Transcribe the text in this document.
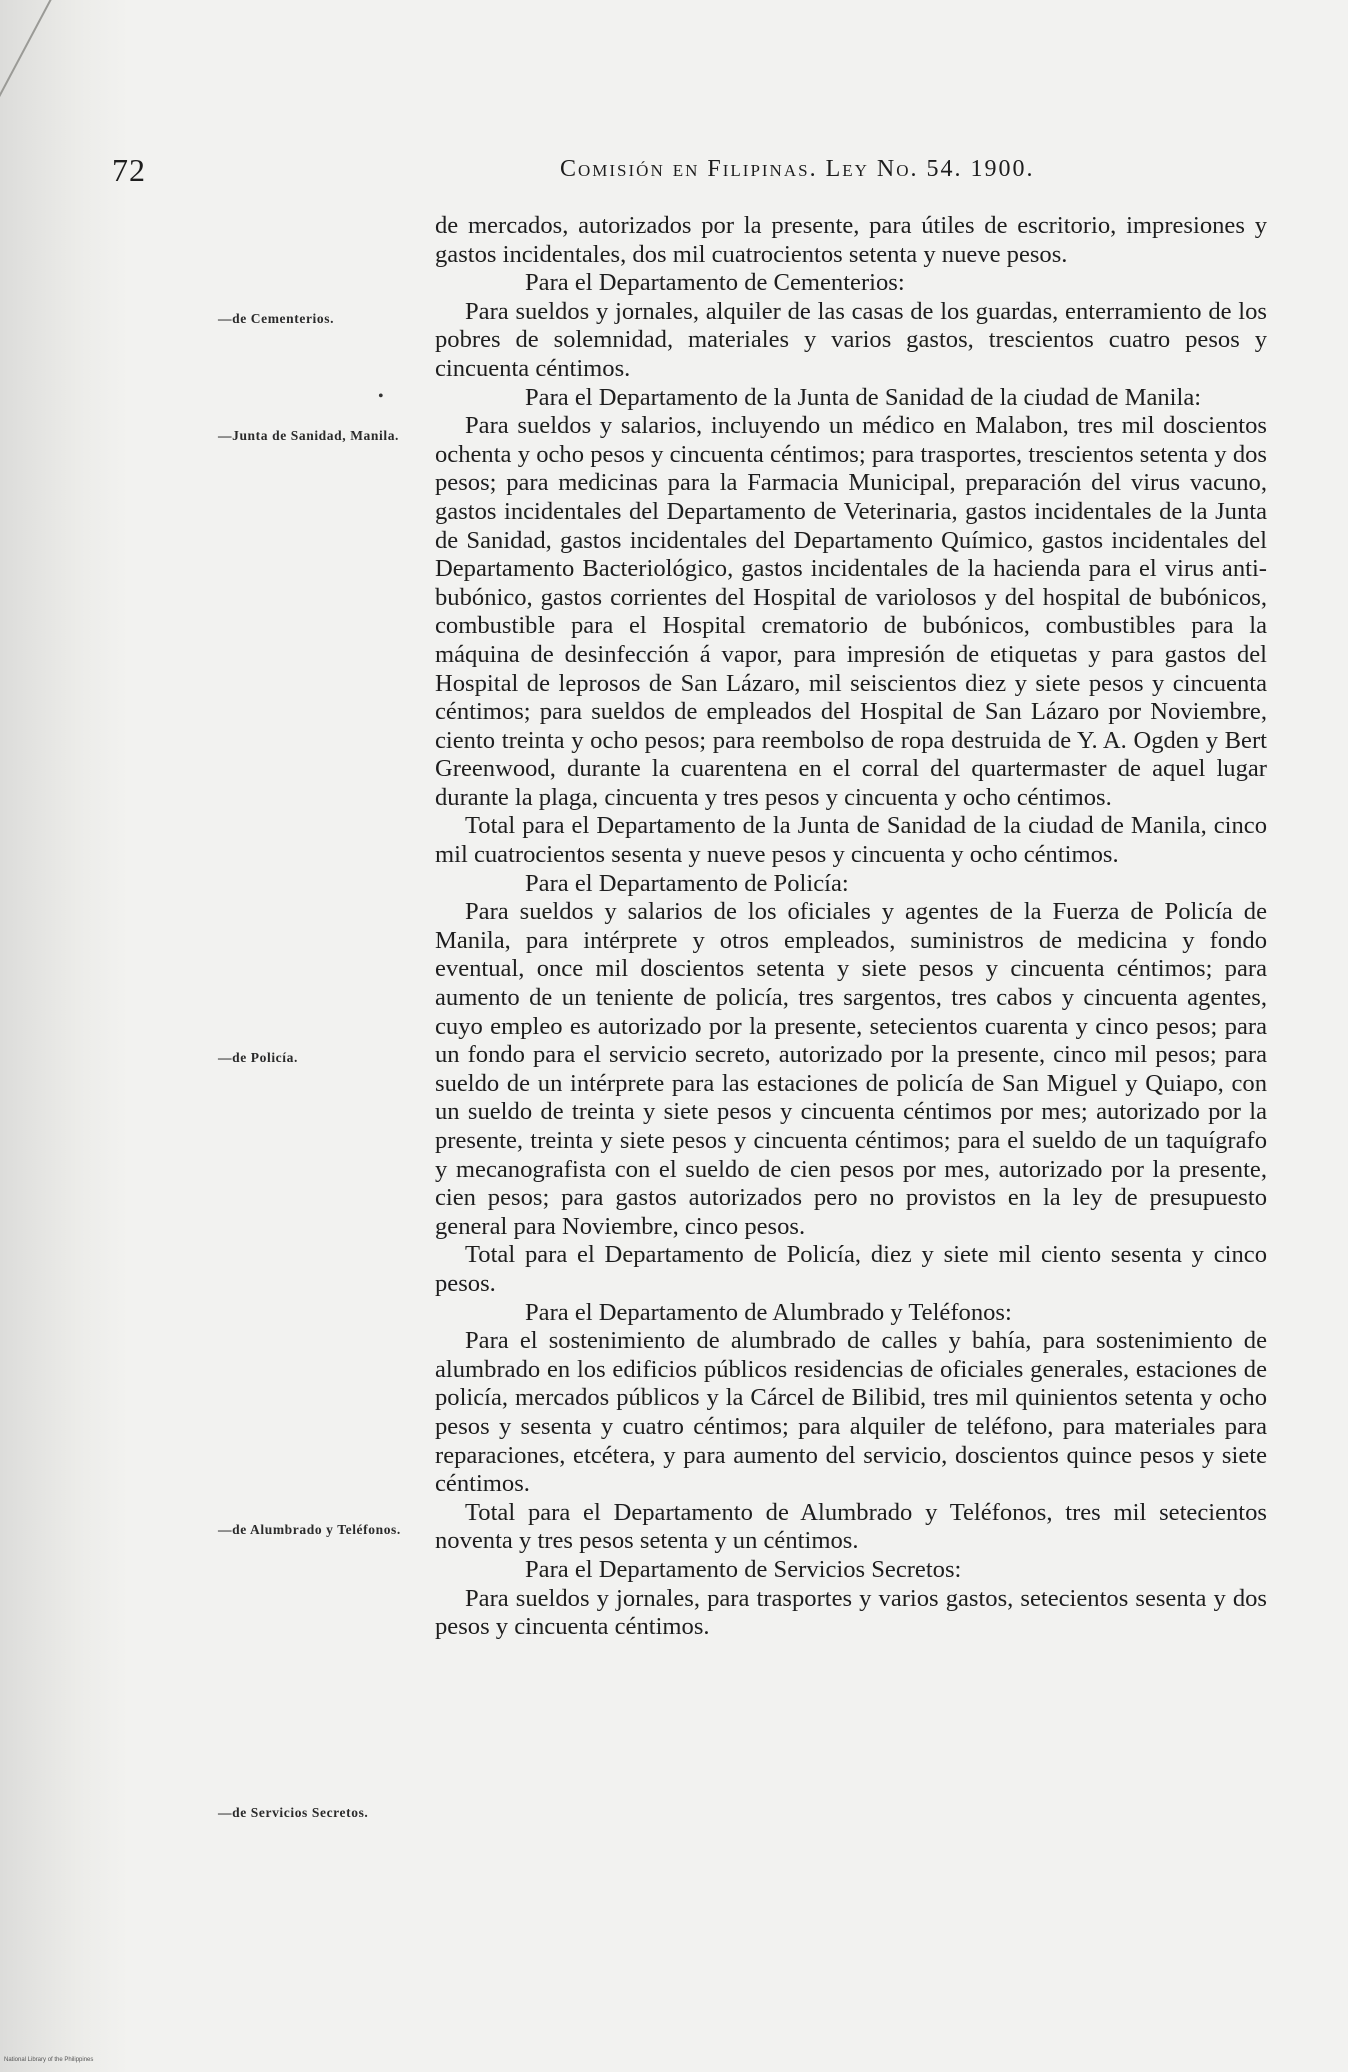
72	Comisión en Filipinas. Ley No. 54. 1900.
—de Cementerios.
•
—Junta de Sanidad, Manila.
—de Policía.
—de Alumbrado y Teléfonos.
—de Servicios Secretos.

de mercados, autorizados por la presente, para útiles de escritorio, impresiones y gastos incidentales, dos mil cuatrocientos setenta y nueve pesos.

Para el Departamento de Cementerios:

Para sueldos y jornales, alquiler de las casas de los guardas, enterramiento de los pobres de solemnidad, materiales y varios gastos, trescientos cuatro pesos y cincuenta céntimos.

Para el Departamento de la Junta de Sanidad de la ciudad de Manila:

Para sueldos y salarios, incluyendo un médico en Malabon, tres mil doscientos ochenta y ocho pesos y cincuenta céntimos; para trasportes, trescientos setenta y dos pesos; para medicinas para la Farmacia Municipal, preparación del virus vacuno, gastos incidentales del Departamento de Veterinaria, gastos incidentales de la Junta de Sanidad, gastos incidentales del Departamento Químico, gastos incidentales del Departamento Bacteriológico, gastos incidentales de la hacienda para el virus anti-bubónico, gastos corrientes del Hospital de variolosos y del hospital de bubónicos, combustible para el Hospital crematorio de bubónicos, combustibles para la máquina de desinfección á vapor, para impresión de etiquetas y para gastos del Hospital de leprosos de San Lázaro, mil seiscientos diez y siete pesos y cincuenta céntimos; para sueldos de empleados del Hospital de San Lázaro por Noviembre, ciento treinta y ocho pesos; para reembolso de ropa destruida de Y. A. Ogden y Bert Greenwood, durante la cuarentena en el corral del quartermaster de aquel lugar durante la plaga, cincuenta y tres pesos y cincuenta y ocho céntimos.

Total para el Departamento de la Junta de Sanidad de la ciudad de Manila, cinco mil cuatrocientos sesenta y nueve pesos y cincuenta y ocho céntimos.

Para el Departamento de Policía:

Para sueldos y salarios de los oficiales y agentes de la Fuerza de Policía de Manila, para intérprete y otros empleados, suministros de medicina y fondo eventual, once mil doscientos setenta y siete pesos y cincuenta céntimos; para aumento de un teniente de policía, tres sargentos, tres cabos y cincuenta agentes, cuyo empleo es autorizado por la presente, setecientos cuarenta y cinco pesos; para un fondo para el servicio secreto, autorizado por la presente, cinco mil pesos; para sueldo de un intérprete para las estaciones de policía de San Miguel y Quiapo, con un sueldo de treinta y siete pesos y cincuenta céntimos por mes; autorizado por la presente, treinta y siete pesos y cincuenta céntimos; para el sueldo de un taquígrafo y mecanografista con el sueldo de cien pesos por mes, autorizado por la presente, cien pesos; para gastos autorizados pero no provistos en la ley de presupuesto general para Noviembre, cinco pesos.

Total para el Departamento de Policía, diez y siete mil ciento sesenta y cinco pesos.

Para el Departamento de Alumbrado y Teléfonos:

Para el sostenimiento de alumbrado de calles y bahía, para sostenimiento de alumbrado en los edificios públicos residencias de oficiales generales, estaciones de policía, mercados públicos y la Cárcel de Bilibid, tres mil quinientos setenta y ocho pesos y sesenta y cuatro céntimos; para alquiler de teléfono, para materiales para reparaciones, etcétera, y para aumento del servicio, doscientos quince pesos y siete céntimos.

Total para el Departamento de Alumbrado y Teléfonos, tres mil setecientos noventa y tres pesos setenta y un céntimos.

Para el Departamento de Servicios Secretos:

Para sueldos y jornales, para trasportes y varios gastos, setecientos sesenta y dos pesos y cincuenta céntimos.

National Library of the Philippines
